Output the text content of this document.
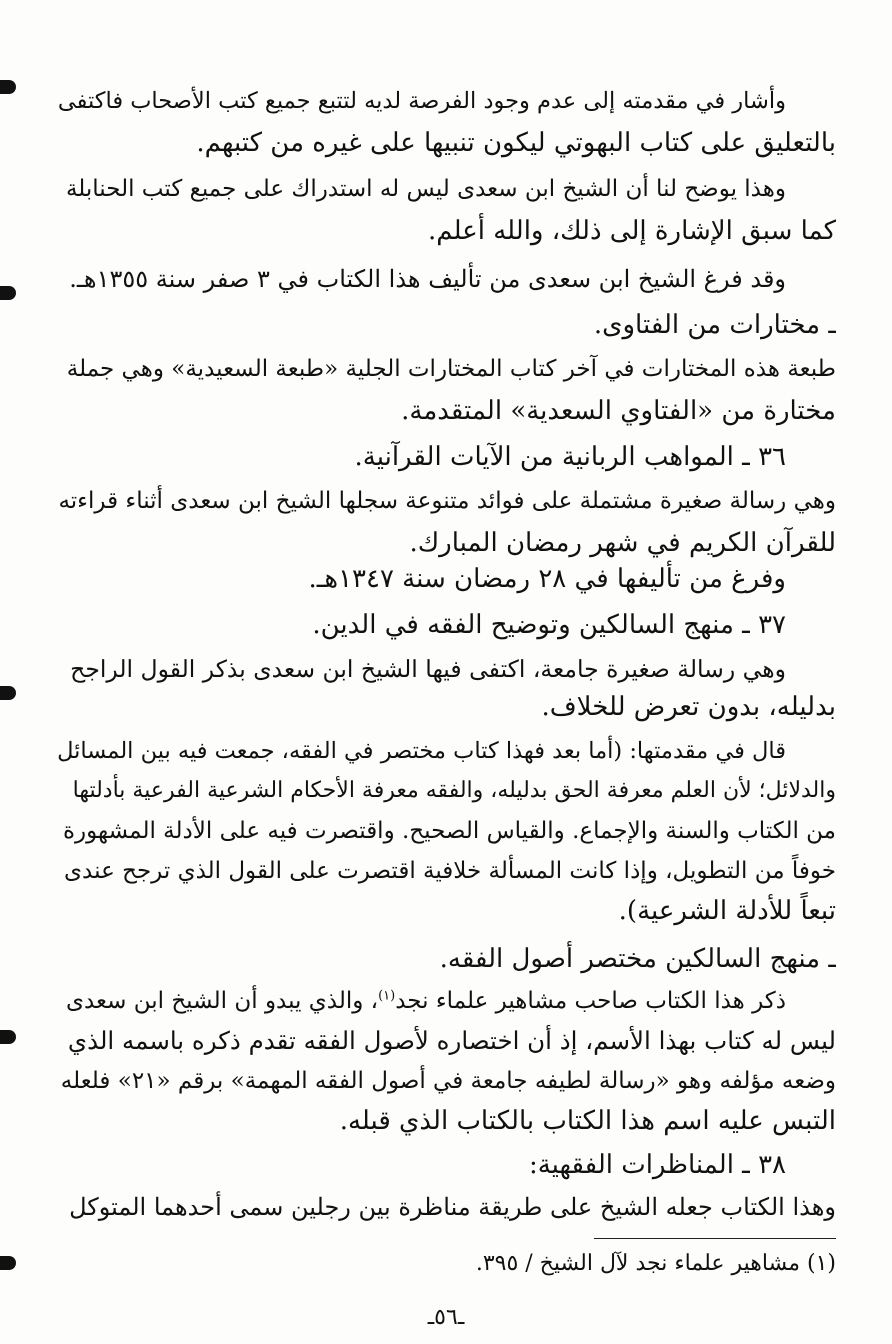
وأشار في مقدمته إلى عدم وجود الفرصة لديه لتتبع جميع كتب الأصحاب فاكتفى
بالتعليق على كتاب البهوتي ليكون تنبيها على غيره من كتبهم.
وهذا يوضح لنا أن الشيخ ابن سعدى ليس له استدراك على جميع كتب الحنابلة
كما سبق الإشارة إلى ذلك، والله أعلم.
وقد فرغ الشيخ ابن سعدى من تأليف هذا الكتاب في ٣ صفر سنة ١٣٥٥هـ.
ـ مختارات من الفتاوى.
طبعة هذه المختارات في آخر كتاب المختارات الجلية «طبعة السعيدية» وهي جملة
مختارة من «الفتاوي السعدية» المتقدمة.
٣٦ ـ المواهب الربانية من الآيات القرآنية.
وهي رسالة صغيرة مشتملة على فوائد متنوعة سجلها الشيخ ابن سعدى أثناء قراءته
للقرآن الكريم في شهر رمضان المبارك.
وفرغ من تأليفها في ٢٨ رمضان سنة ١٣٤٧هـ.
٣٧ ـ منهج السالكين وتوضيح الفقه في الدين.
وهي رسالة صغيرة جامعة، اكتفى فيها الشيخ ابن سعدى بذكر القول الراجح
بدليله، بدون تعرض للخلاف.
قال في مقدمتها: (أما بعد فهذا كتاب مختصر في الفقه، جمعت فيه بين المسائل
والدلائل؛ لأن العلم معرفة الحق بدليله، والفقه معرفة الأحكام الشرعية الفرعية بأدلتها
من الكتاب والسنة والإجماع. والقياس الصحيح. واقتصرت فيه على الأدلة المشهورة
خوفاً من التطويل، وإذا كانت المسألة خلافية اقتصرت على القول الذي ترجح عندى
تبعاً للأدلة الشرعية).
ـ منهج السالكين مختصر أصول الفقه.
ذكر هذا الكتاب صاحب مشاهير علماء نجد$^{(١)}$، والذي يبدو أن الشيخ ابن سعدى
ليس له كتاب بهذا الأسم، إذ أن اختصاره لأصول الفقه تقدم ذكره باسمه الذي
وضعه مؤلفه وهو «رسالة لطيفه جامعة في أصول الفقه المهمة» برقم «٢١» فلعله
التبس عليه اسم هذا الكتاب بالكتاب الذي قبله.
٣٨ ـ المناظرات الفقهية:
وهذا الكتاب جعله الشيخ على طريقة مناظرة بين رجلين سمى أحدهما المتوكل
(١) مشاهير علماء نجد لآل الشيخ / ٣٩٥.
ـ٥٦ـ
